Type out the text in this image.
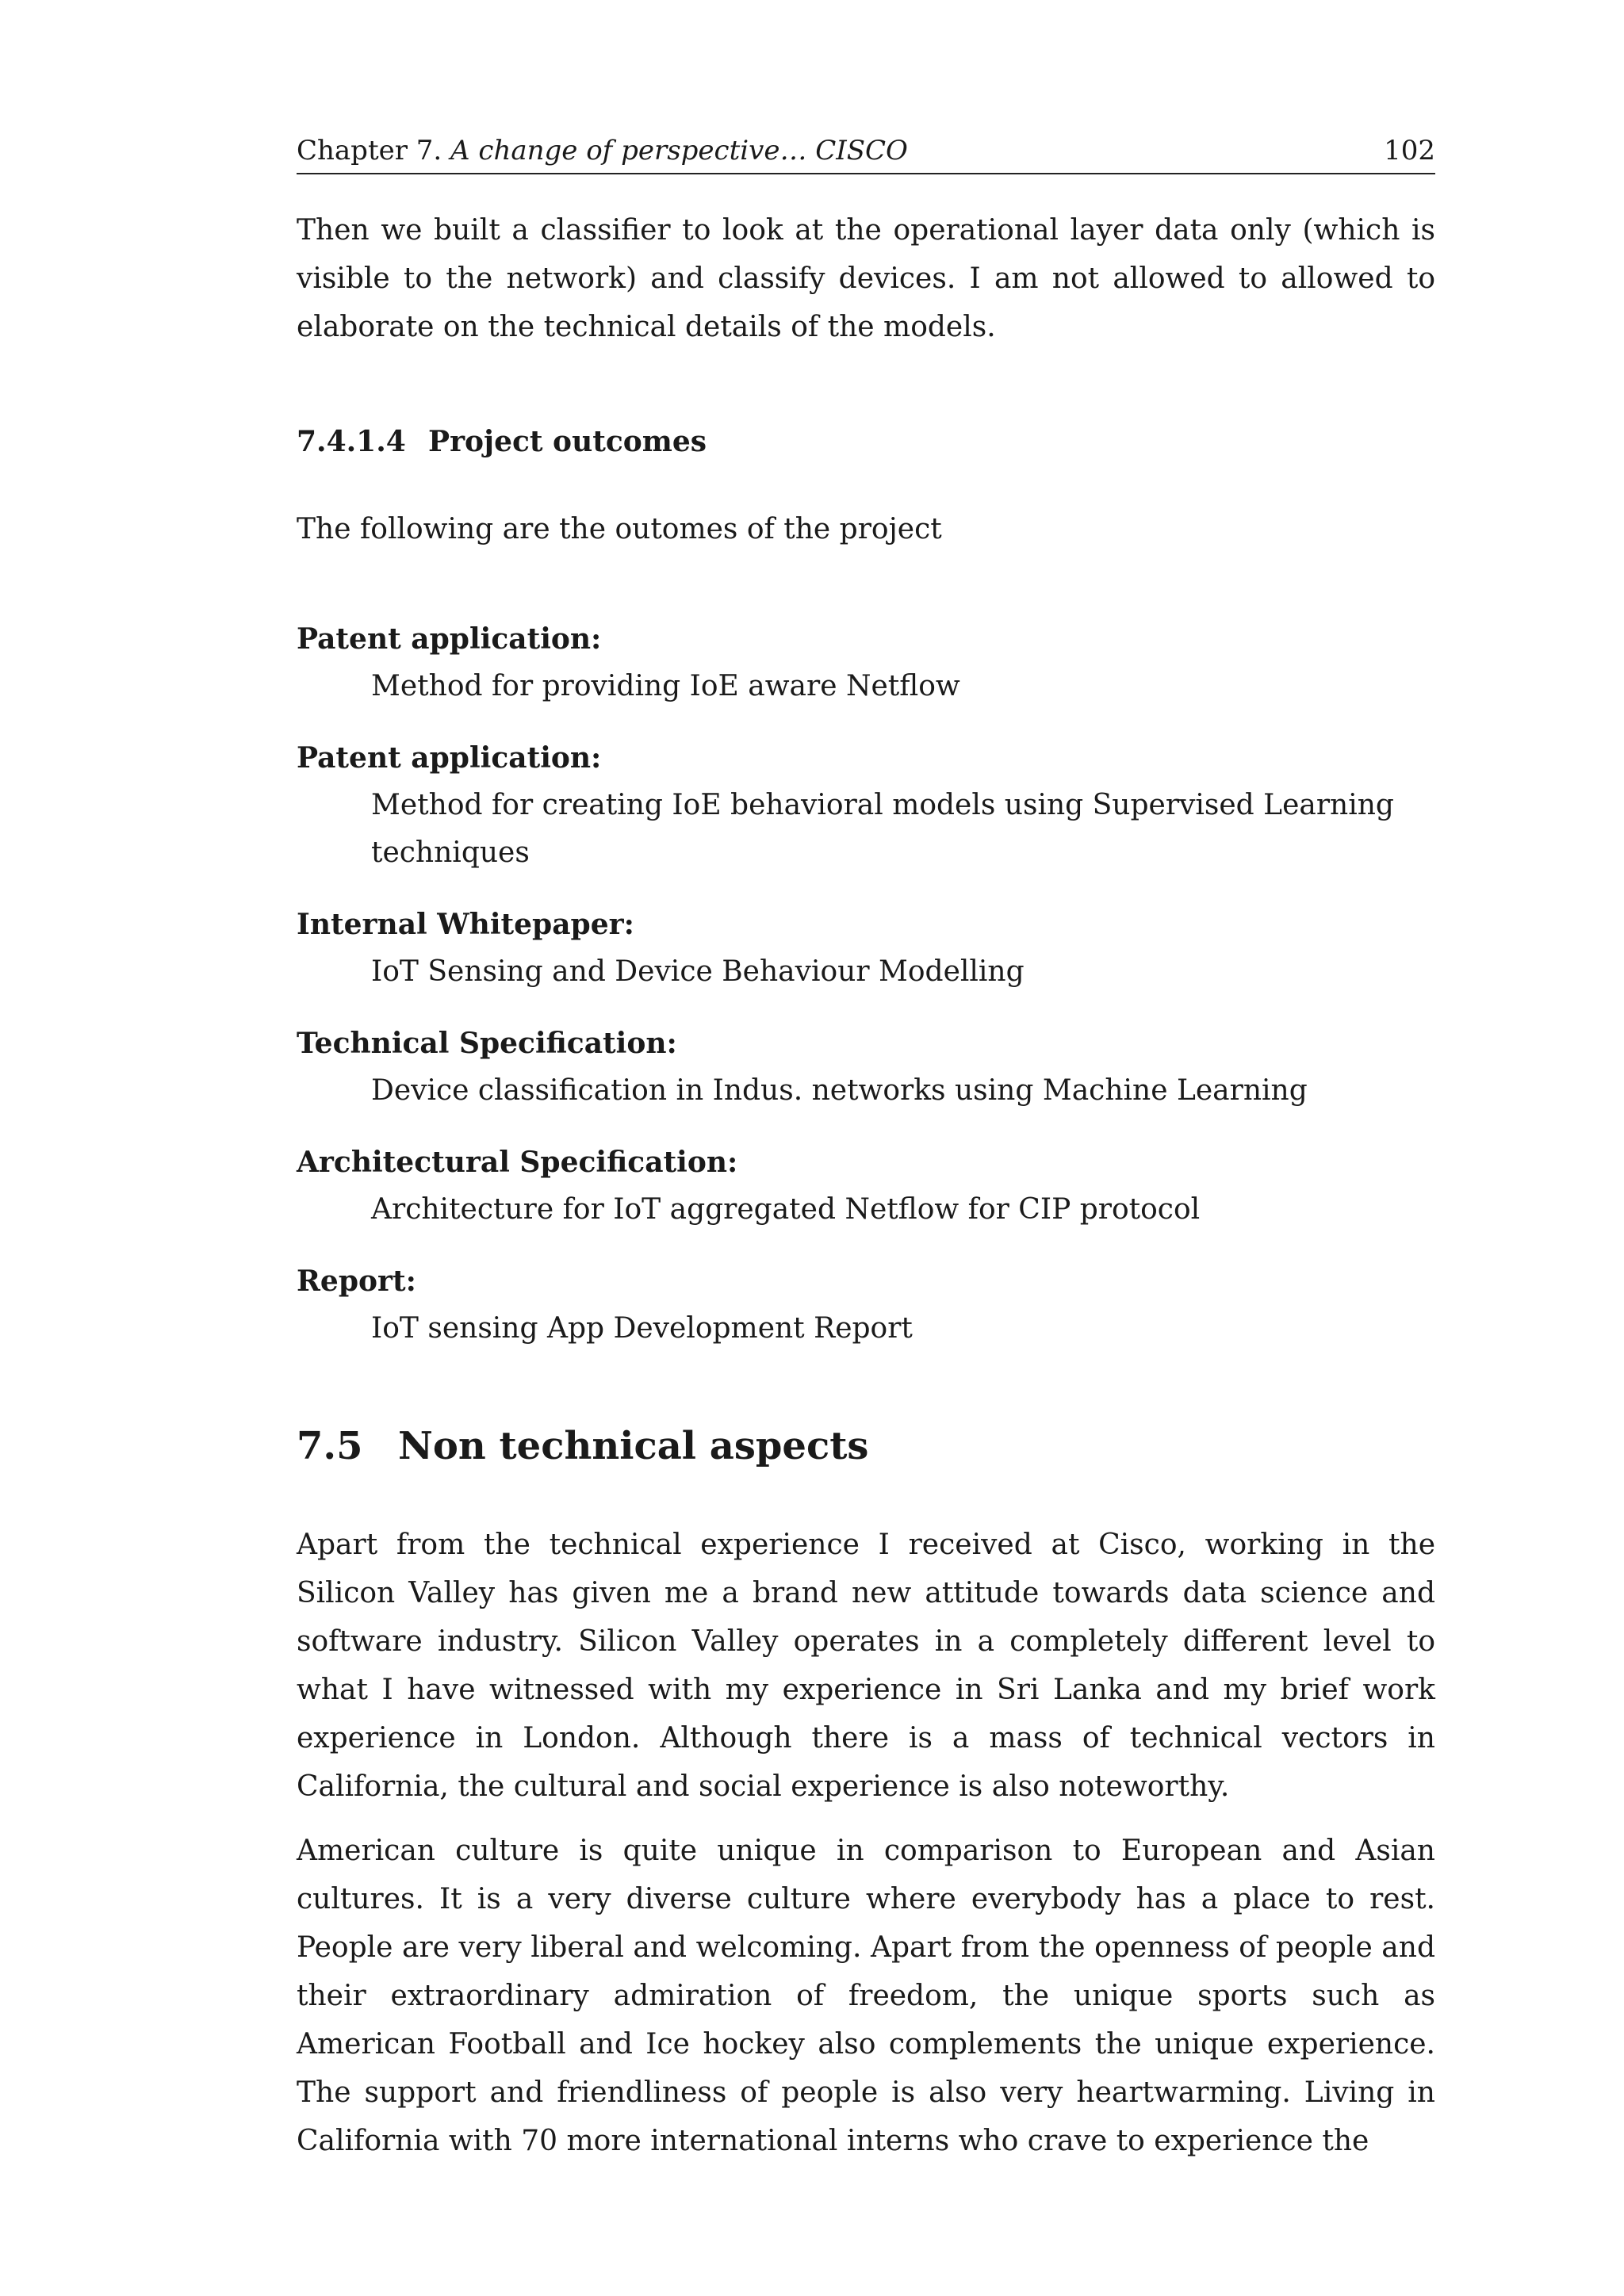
Chapter 7. A change of perspective… CISCO	102

Then we built a classifier to look at the operational layer data only (which is visible to the network) and classify devices. I am not allowed to allowed to elaborate on the technical details of the models.

7.4.1.4 Project outcomes

The following are the outomes of the project

Patent application:
Method for providing IoE aware Netflow
Patent application:
Method for creating IoE behavioral models using Supervised Learning techniques
Internal Whitepaper:
IoT Sensing and Device Behaviour Modelling
Technical Specification:
Device classification in Indus. networks using Machine Learning
Architectural Specification:
Architecture for IoT aggregated Netflow for CIP protocol
Report:
IoT sensing App Development Report
7.5 Non technical aspects

Apart from the technical experience I received at Cisco, working in the Silicon Valley has given me a brand new attitude towards data science and software industry. Silicon Valley operates in a completely different level to what I have witnessed with my experience in Sri Lanka and my brief work experience in London. Although there is a mass of technical vectors in California, the cultural and social experience is also noteworthy.

American culture is quite unique in comparison to European and Asian cultures. It is a very diverse culture where everybody has a place to rest. People are very liberal and welcoming. Apart from the openness of people and their extraordinary admiration of freedom, the unique sports such as American Football and Ice hockey also complements the unique experience. The support and friendliness of people is also very heartwarming. Living in California with 70 more international interns who crave to experience the
